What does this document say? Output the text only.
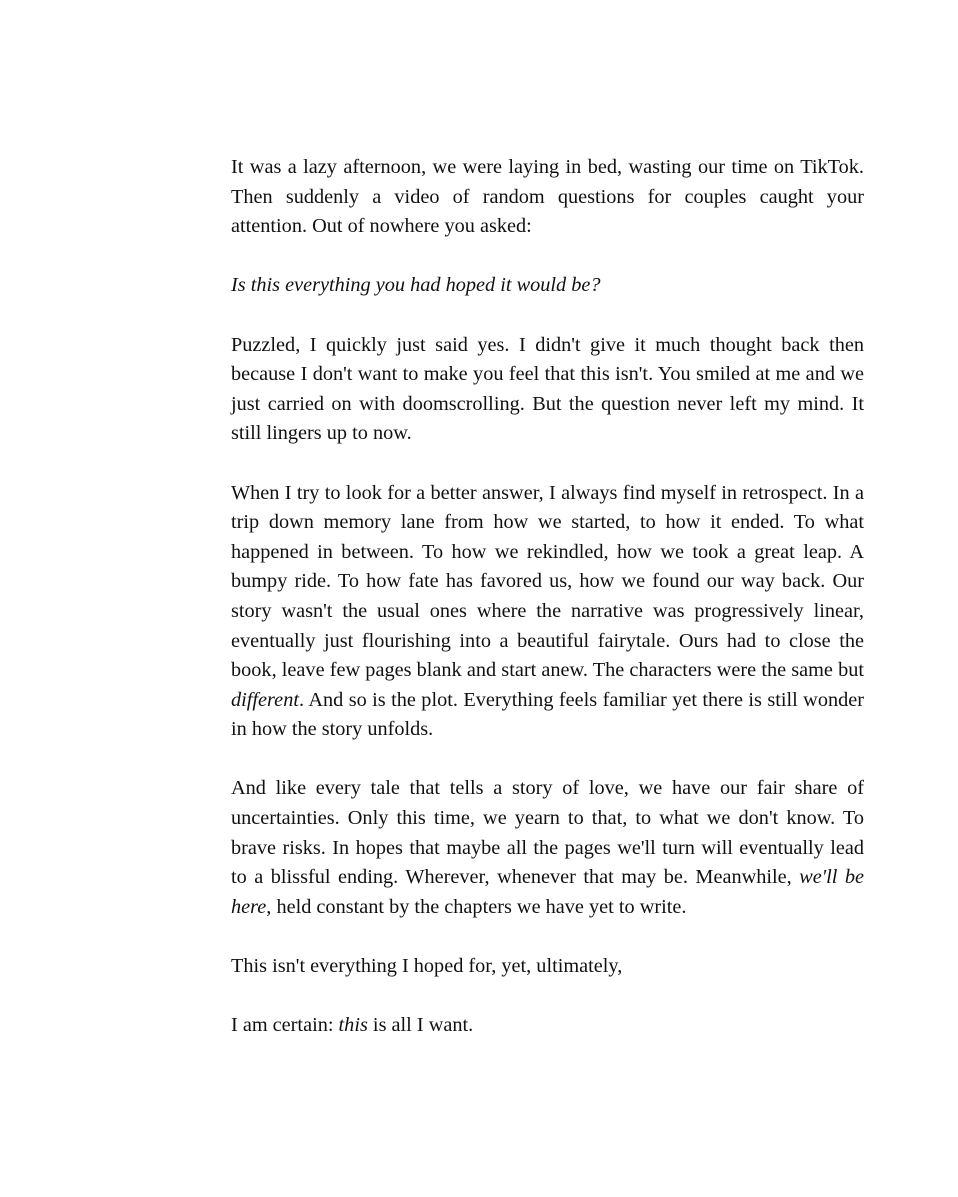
It was a lazy afternoon, we were laying in bed, wasting our time on TikTok. Then suddenly a video of random questions for couples caught your attention. Out of nowhere you asked:

Is this everything you had hoped it would be?

Puzzled, I quickly just said yes. I didn't give it much thought back then because I don't want to make you feel that this isn't. You smiled at me and we just carried on with doomscrolling. But the question never left my mind. It still lingers up to now.

When I try to look for a better answer, I always find myself in retrospect. In a trip down memory lane from how we started, to how it ended. To what happened in between. To how we rekindled, how we took a great leap. A bumpy ride. To how fate has favored us, how we found our way back. Our story wasn't the usual ones where the narrative was progressively linear, eventually just flourishing into a beautiful fairytale. Ours had to close the book, leave few pages blank and start anew. The characters were the same but different. And so is the plot. Everything feels familiar yet there is still wonder in how the story unfolds.

And like every tale that tells a story of love, we have our fair share of uncertainties. Only this time, we yearn to that, to what we don't know. To brave risks. In hopes that maybe all the pages we'll turn will eventually lead to a blissful ending. Wherever, whenever that may be. Meanwhile, we'll be here, held constant by the chapters we have yet to write.

This isn't everything I hoped for, yet, ultimately,

I am certain: this is all I want.
